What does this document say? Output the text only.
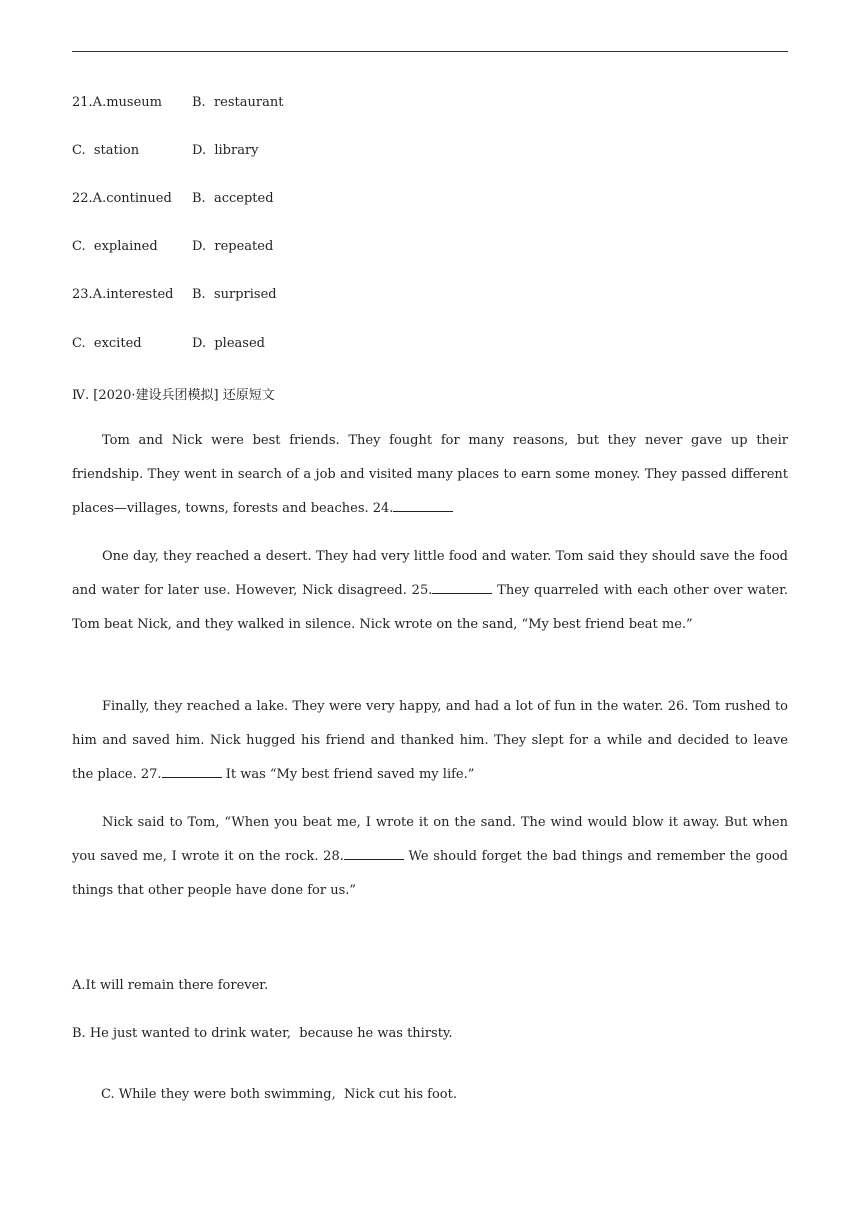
21.A.museum B.  restaurant
C.  station	D.  library
22.A.continued B.  accepted
C.  explained	D.  repeated
23.A.interested B.  surprised
C.  excited	D.  pleased
Ⅳ. [2020·建设兵团模拟] 还原短文
Tom and Nick were best friends. They fought for many reasons, but they never gave up their friendship. They went in search of a job and visited many places to earn some money. They passed different places—villages, towns, forests and beaches. 24.
One day, they reached a desert. They had very little food and water. Tom said they should save the food and water for later use. However, Nick disagreed. 25.	They quarreled with each other over water. Tom beat Nick, and they walked in silence. Nick wrote on the sand, “My best friend beat me.”
Finally, they reached a lake. They were very happy, and had a lot of fun in the water. 26. Tom rushed to him and saved him. Nick hugged his friend and thanked him. They slept for a while and decided to leave the place. 27.	It was “My best friend saved my life.”
Nick said to Tom, “When you beat me, I wrote it on the sand. The wind would blow it away. But when you saved me, I wrote it on the rock. 28.	We should forget the bad things and remember the good things that other people have done for us.”
A.It will remain there forever.
B. He just wanted to drink water,  because he was thirsty.
C. While they were both swimming,  Nick cut his foot.
